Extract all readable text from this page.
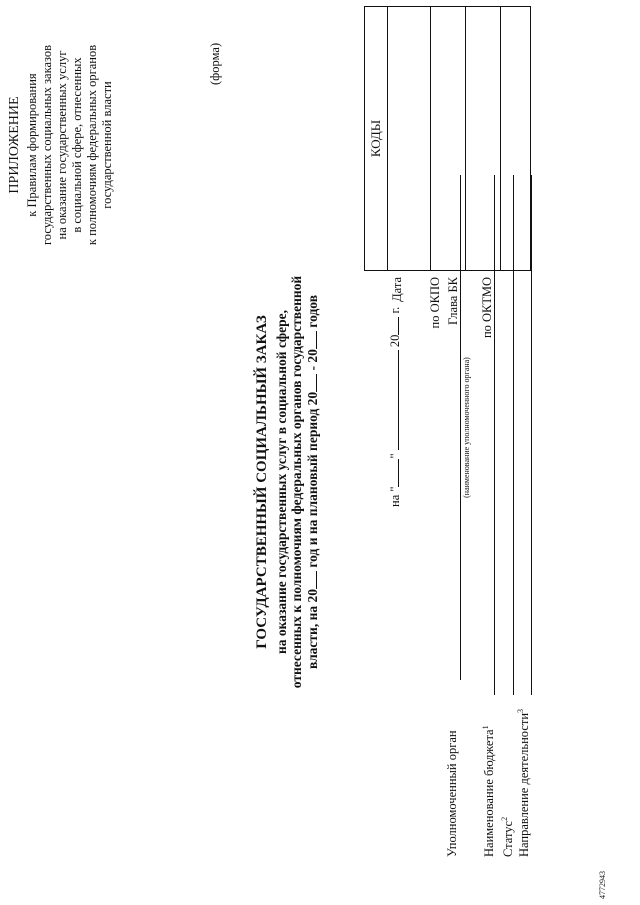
ПРИЛОЖЕНИЕ к Правилам формирования государственных социальных заказов на оказание государственных услуг в социальной сфере, отнесенных к полномочиям федеральных органов государственной власти
(форма)
ГОСУДАРСТВЕННЫЙ СОЦИАЛЬНЫЙ ЗАКАЗ на оказание государственных услуг в социальной сфере, отнесенных к полномочиям федеральных органов государственной власти, на 20 год и на плановый период 20 - 20 годов
на ""  20 г.
КОДЫ
Дата по ОКПО Глава БК по ОКТМО
Уполномоченный орган
(наименование уполномоченного органа)
Наименование бюджета$^1$
Статус$^2$ Направление деятельности$^3$
4772943
